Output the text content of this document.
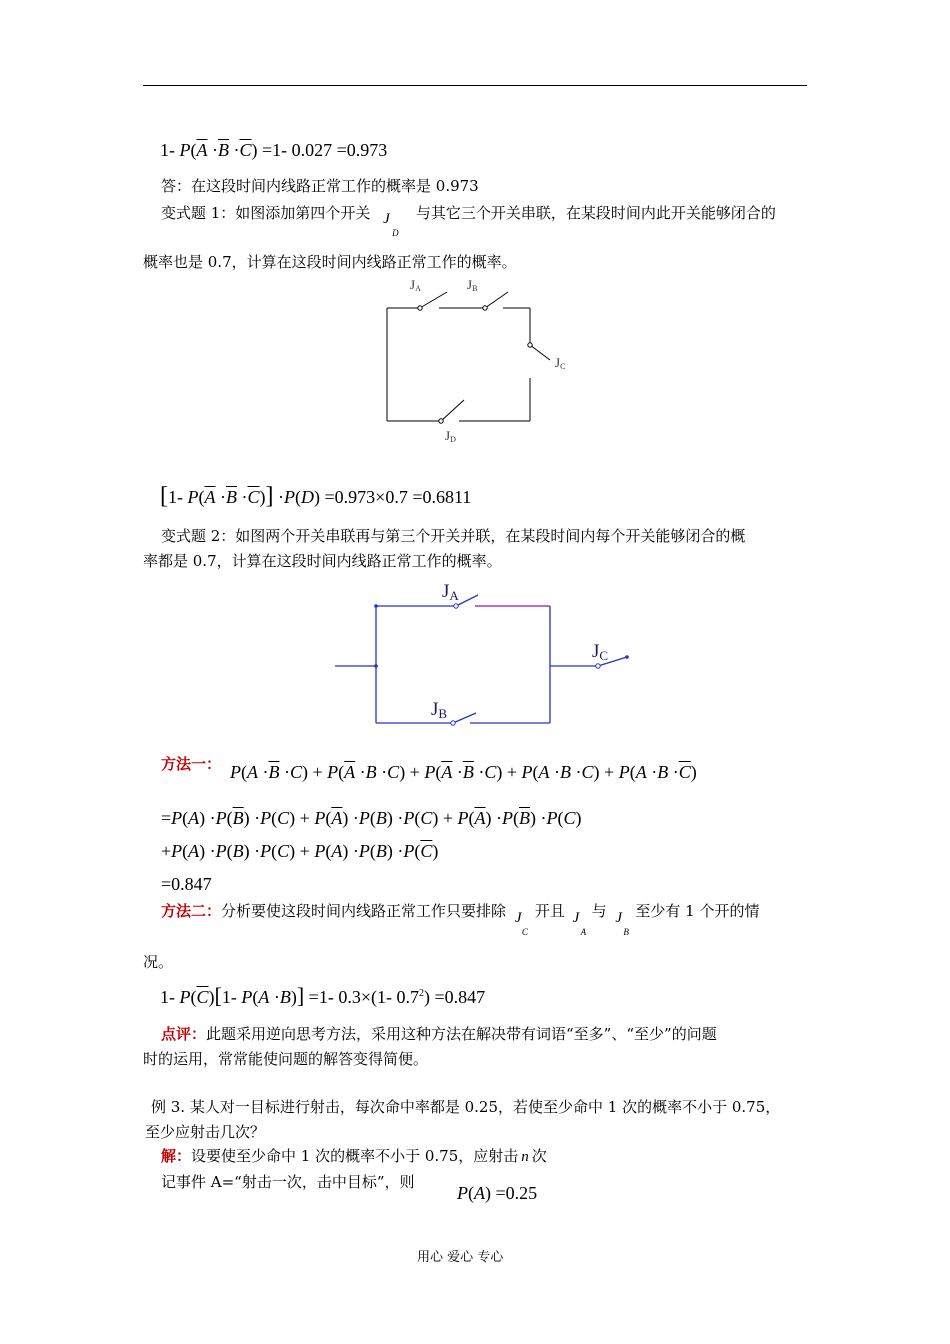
1- $P(\overline{A} \cdot\overline{B} \cdot\overline{C}) =1-$ 0.027 =0.973
答：在这段时间内线路正常工作的概率是 0.973
变式题 1：如图添加第四个开关 J
D
与其它三个开关串联，在某段时间内此开关能够闭合的
概率也是 0.7，计算在这段时间内线路正常工作的概率。
JA	JB
JC
JD
[1- $P(\overline{A} \cdot\overline{B} \cdot\overline{C})] \cdot P(D) =0.973\times 0.7 =0.6811$
变式题 2：如图两个开关串联再与第三个开关并联，在某段时间内每个开关能够闭合的概
率都是 0.7，计算在这段时间内线路正常工作的概率。
JA
JB
JC
方法一： $P(A \cdot\overline{B} \cdot C) + P(\overline{A} \cdot B \cdot C) + P(\overline{A} \cdot\overline{B} \cdot C) + P(A \cdot B \cdot C) + P(A \cdot B \cdot\overline{C})$
$=P(A) \cdot P(\overline{B}) \cdot P(C) + P(\overline{A}) \cdot P(B) \cdot P(C) + P(\overline{A}) \cdot P(\overline{B}) \cdot P(C)$
$+P(A) \cdot P(B) \cdot P(C) + P(A) \cdot P(B) \cdot P(\overline{C})$
=0.847
方法二：分析要使这段时间内线路正常工作只要排除 J
C
开且 J
A
与 J
B
至少有 1 个开的情
况。
1- $P(\overline{C})[1-$ P(A ·B)] =1- 0.3×(1- $0.7^2) =0.847$
点评：此题采用逆向思考方法，采用这种方法在解决带有词语“至多”、“至少”的问题
时的运用，常常能使问题的解答变得简便。
例 3. 某人对一目标进行射击，每次命中率都是 0.25，若使至少命中 1 次的概率不小于 0.75，
至少应射击几次？
解：设要使至少命中 1 次的概率不小于 0.75，应射击 n 次
记事件 A=“射击一次，击中目标”，则
P(A) =0.25
用心 爱心 专心
